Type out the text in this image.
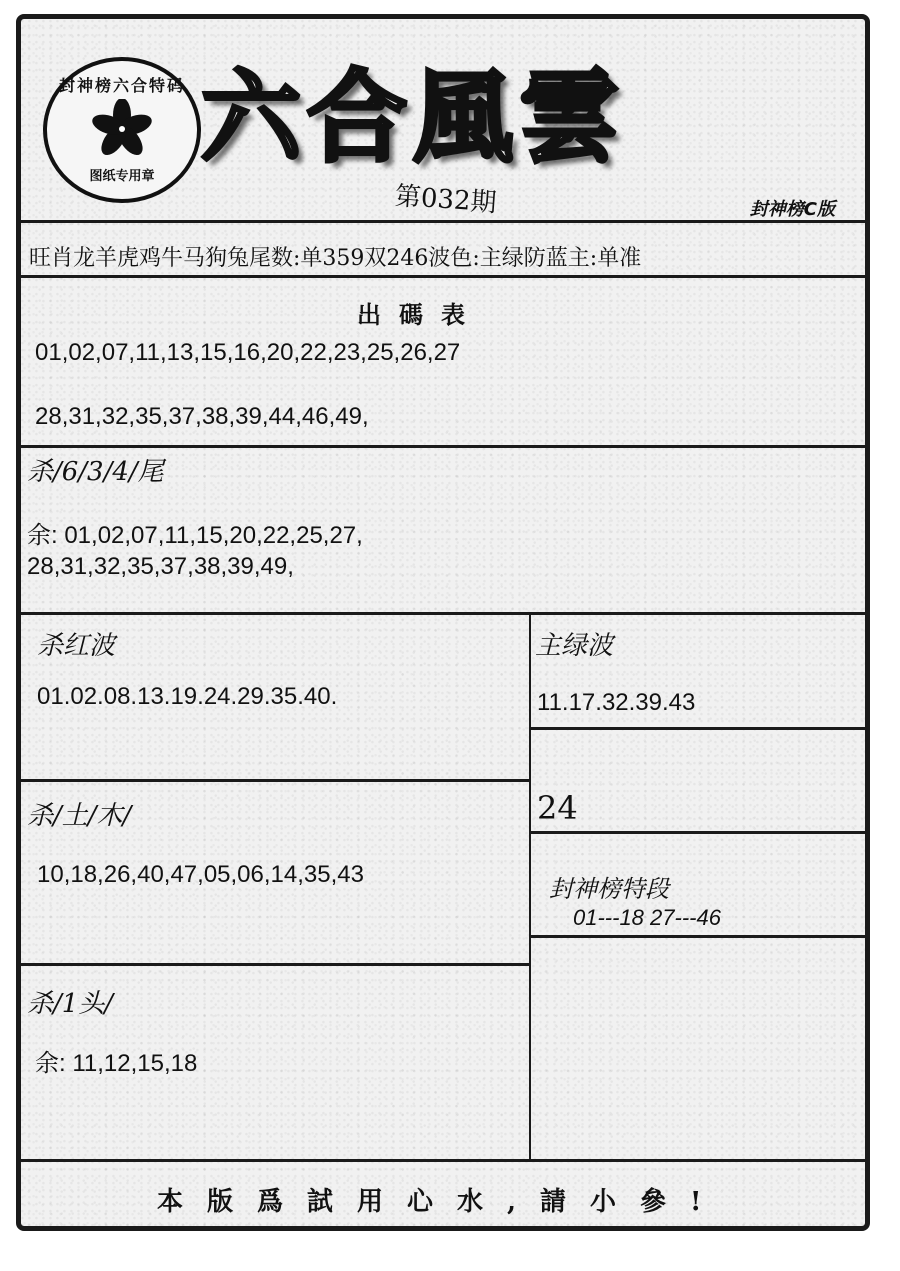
封神榜六合特码
图纸专用章
六合風雲
第032期	封神榜C版
旺肖龙羊虎鸡牛马狗兔尾数:单359双246波色:主绿防蓝主:单准
出碼表
01,02,07,11,13,15,16,20,22,23,25,26,27
28,31,32,35,37,38,39,44,46,49,
杀/6/3/4/尾
余: 01,02,07,11,15,20,22,25,27,
28,31,32,35,37,38,39,49,
杀红波
01.02.08.13.19.24.29.35.40.
杀/土/木/
10,18,26,40,47,05,06,14,35,43
杀/1头/
余: 11,12,15,18
主绿波
11.17.32.39.43
24
封神榜特段
01---18 27---46
本版爲試用心水,請小參!
